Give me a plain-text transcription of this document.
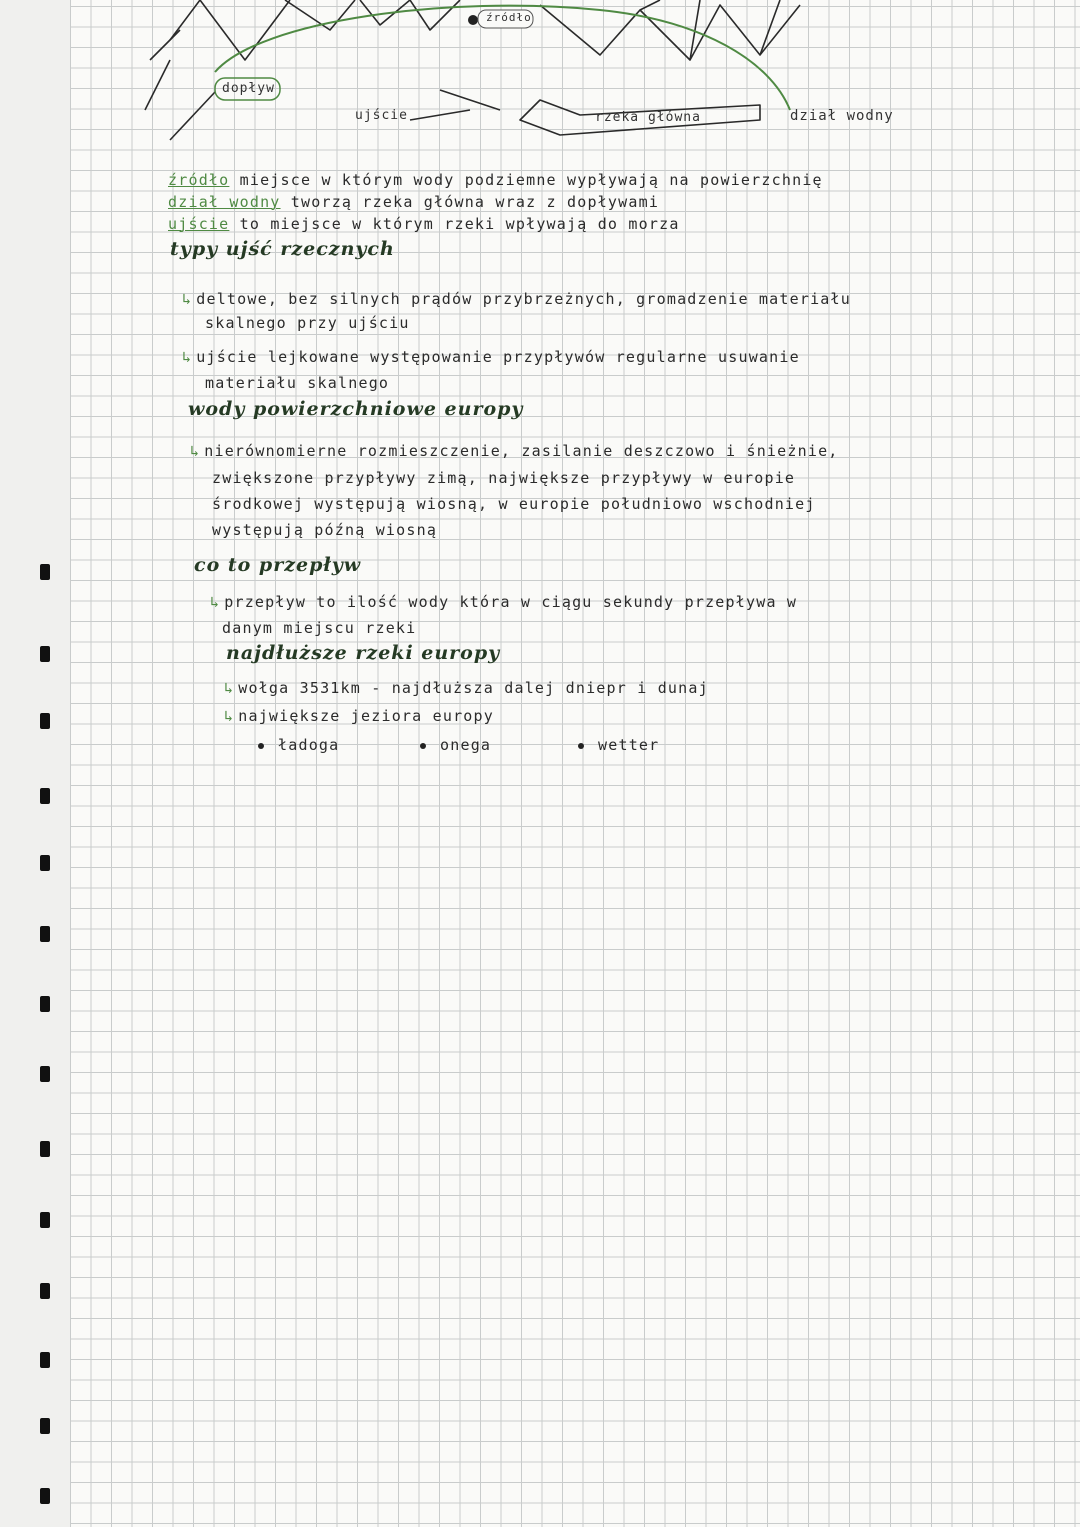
źródło
dopływ
ujście	rzeka główna	dział wodny
źródło miejsce w którym wody podziemne wypływają na powierzchnię
dział wodny tworzą rzeka główna wraz z dopływami
ujście to miejsce w którym rzeki wpływają do morza
typy ujść rzecznych
↳ deltowe, bez silnych prądów przybrzeżnych, gromadzenie materiału
skalnego przy ujściu
↳ ujście lejkowane występowanie przypływów regularne usuwanie
materiału skalnego
wody powierzchniowe europy
↳ nierównomierne rozmieszczenie, zasilanie deszczowo i śnieżnie,
zwiększone przypływy zimą, największe przypływy w europie
środkowej występują wiosną, w europie południowo wschodniej
występują późną wiosną
co to przepływ
↳ przepływ to ilość wody która w ciągu sekundy przepływa w
danym miejscu rzeki
najdłuższe rzeki europy
↳ wołga 3531km - najdłuższa dalej dniepr i dunaj
↳ największe jeziora europy
ładoga	onega	wetter
